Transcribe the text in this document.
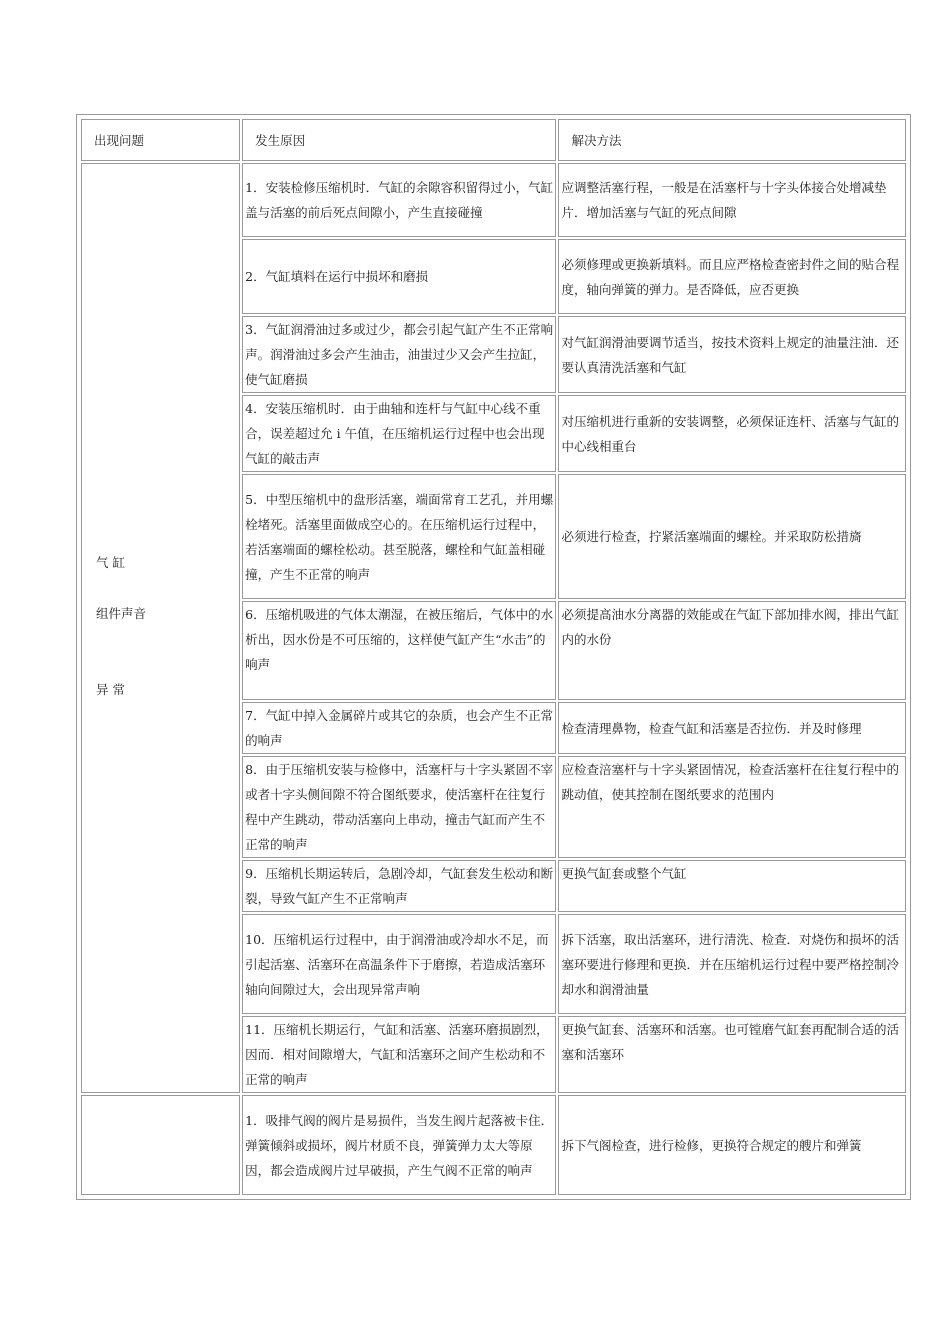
出现问题	发生原因	解决方法

气 缸
组件声音
异 常	1．安装检修压缩机时．气缸的余隙容积留得过小，气缸盖与活塞的前后死点间隙小，产生直接碰撞	应调整活塞行程，一般是在活塞杆与十字头体接合处增减垫片．增加活塞与气缸的死点间隙
	2．气缸填料在运行中损坏和磨损	必须修理或更换新填料。而且应严格检查密封件之间的贴合程度，轴向弹簧的弹力。是否降低，应否更换
	3．气缸润滑油过多或过少，都会引起气缸产生不正常响声。润滑油过多会产生油击，油蚩过少又会产生拉缸，使气缸磨损	对气缸润滑油要调节适当，按技术资料上规定的油量注油．还要认真清洗活塞和气缸
	4．安装压缩机时．由于曲轴和连杆与气缸中心线不重合，误差超过允 i 午值，在压缩机运行过程中也会出现气缸的敲击声	对压缩机进行重新的安装调整，必须保证连杆、活塞与气缸的中心线相重台
	5．中型压缩机中的盘形活塞，端面常育工艺孔，并用螺栓堵死。活塞里面做成空心的。在压缩机运行过程中，若活塞端面的螺栓松动。甚至脱落，螺栓和气缸盖相碰撞，产生不正常的响声	必须进行检查，拧紧活塞端面的螺栓。并采取防松措旖
	6．压缩机吸进的气体太潮湿，在被压缩后，气体中的水析出，因水份是不可压缩的，这样使气缸产生“水击”的响声	必须提高油水分离器的效能或在气缸下部加排水阀，排出气缸内的水份
	7．气缸中掉入金属碎片或其它的杂质，也会产生不正常的响声	检查清理鼻物，检查气缸和活塞是否拉伤．并及时修理
	8．由于压缩机安装与检修中，活塞杆与十字头紧固不宰或者十字头侧间隙不符合图纸要求，使活塞杆在往复行程中产生跳动，带动活塞向上串动，撞击气缸而产生不正常的响声	应检查涪塞杆与十字头紧固情况，检查活塞杆在往复行程中的跳动值，使其控制在图纸要求的范围内
	9．压缩机长期运转后，急剧冷却，气缸套发生松动和断裂，导致气缸产生不正常响声	更换气缸套或整个气缸
	10．压缩机运行过程中，由于润滑油或冷却水不足，而引起活塞、活塞环在高温条件下于磨擦，若造成活塞环轴向间隙过大，会出现异常声响	拆下活塞，取出活塞环，进行清洗、检查．对烧伤和损坏的活塞环要进行修理和更换．并在压缩机运行过程中要严格控制冷却水和润滑油量
	11．压缩机长期运行，气缸和活塞、活塞环磨损剧烈，因而．相对间隙增大，气缸和活塞环之间产生松动和不正常的响声	更换气缸套、活塞环和活塞。也可镗磨气缸套再配制合适的活塞和活塞环
	1．吸排气阀的阀片是易损件，当发生阀片起落被卡住．弹簧倾斜或损坏，阀片材质不良，弹簧弹力太大等原因，都会造成阀片过早破损，产生气阀不正常的响声	拆下气阁检查，进行检修，更换符合规定的艘片和弹簧
